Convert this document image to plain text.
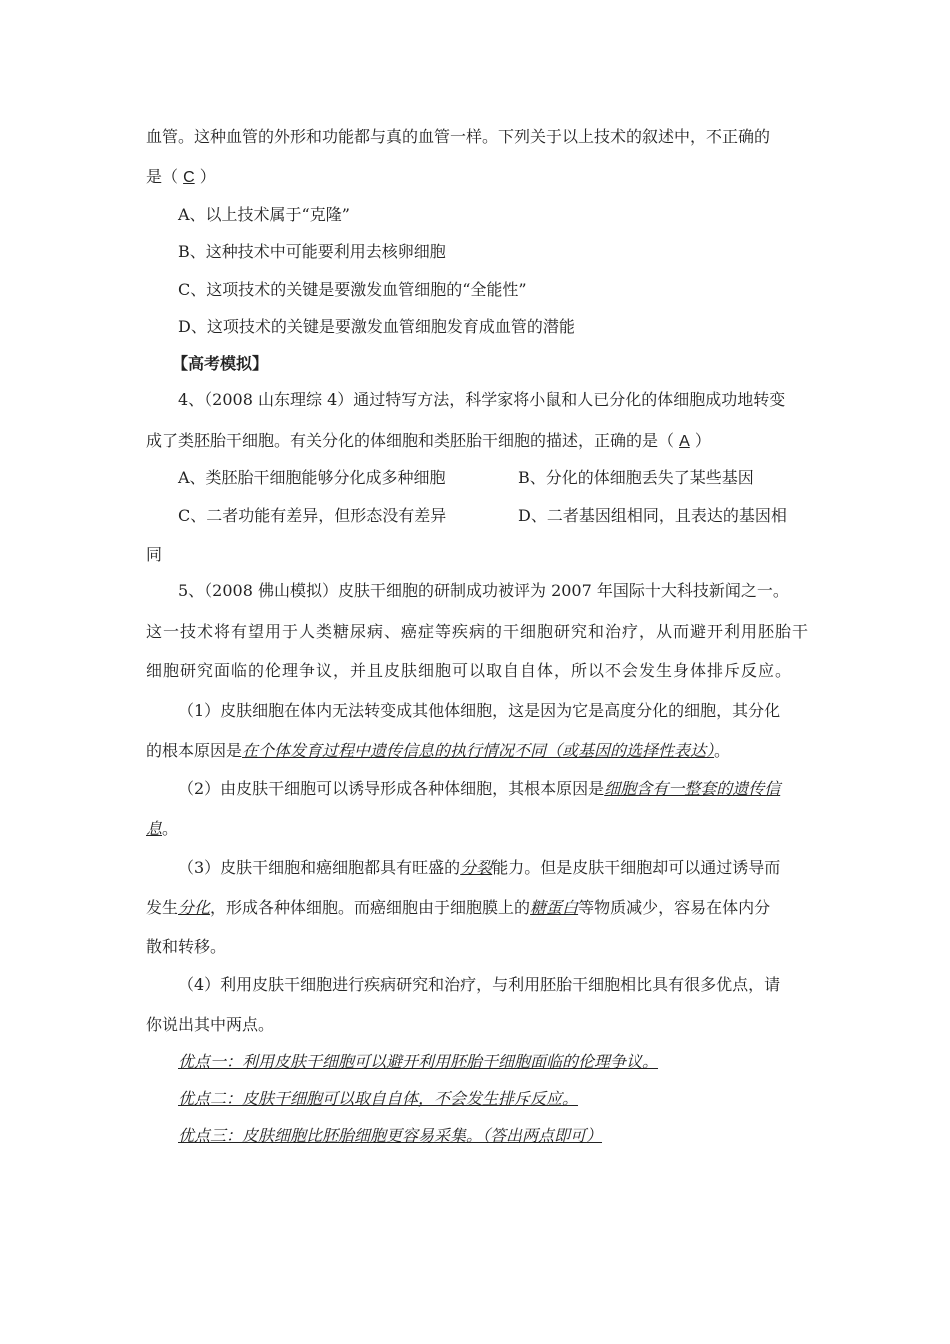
血管。这种血管的外形和功能都与真的血管一样。下列关于以上技术的叙述中，不正确的
是（ C ）
A、以上技术属于“克隆”
B、这种技术中可能要利用去核卵细胞
C、这项技术的关键是要激发血管细胞的“全能性”
D、这项技术的关键是要激发血管细胞发育成血管的潜能
【高考模拟】
4、（2008 山东理综 4）通过特写方法，科学家将小鼠和人已分化的体细胞成功地转变
成了类胚胎干细胞。有关分化的体细胞和类胚胎干细胞的描述，正确的是（ A ）
A、类胚胎干细胞能够分化成多种细胞	B、分化的体细胞丢失了某些基因
C、二者功能有差异，但形态没有差异	D、二者基因组相同，且表达的基因相
同
5、（2008 佛山模拟）皮肤干细胞的研制成功被评为 2007 年国际十大科技新闻之一。
这一技术将有望用于人类糖尿病、癌症等疾病的干细胞研究和治疗，从而避开利用胚胎干
细胞研究面临的伦理争议，并且皮肤细胞可以取自自体，所以不会发生身体排斥反应。
（1）皮肤细胞在体内无法转变成其他体细胞，这是因为它是高度分化的细胞，其分化
的根本原因是在个体发育过程中遗传信息的执行情况不同（或基因的选择性表达）。
（2）由皮肤干细胞可以诱导形成各种体细胞，其根本原因是细胞含有一整套的遗传信
息。
（3）皮肤干细胞和癌细胞都具有旺盛的分裂能力。但是皮肤干细胞却可以通过诱导而
发生分化，形成各种体细胞。而癌细胞由于细胞膜上的糖蛋白等物质减少，容易在体内分
散和转移。
（4）利用皮肤干细胞进行疾病研究和治疗，与利用胚胎干细胞相比具有很多优点，请
你说出其中两点。
优点一：利用皮肤干细胞可以避开利用胚胎干细胞面临的伦理争议。
优点二：皮肤干细胞可以取自自体，不会发生排斥反应。
优点三：皮肤细胞比胚胎细胞更容易采集。（答出两点即可）
